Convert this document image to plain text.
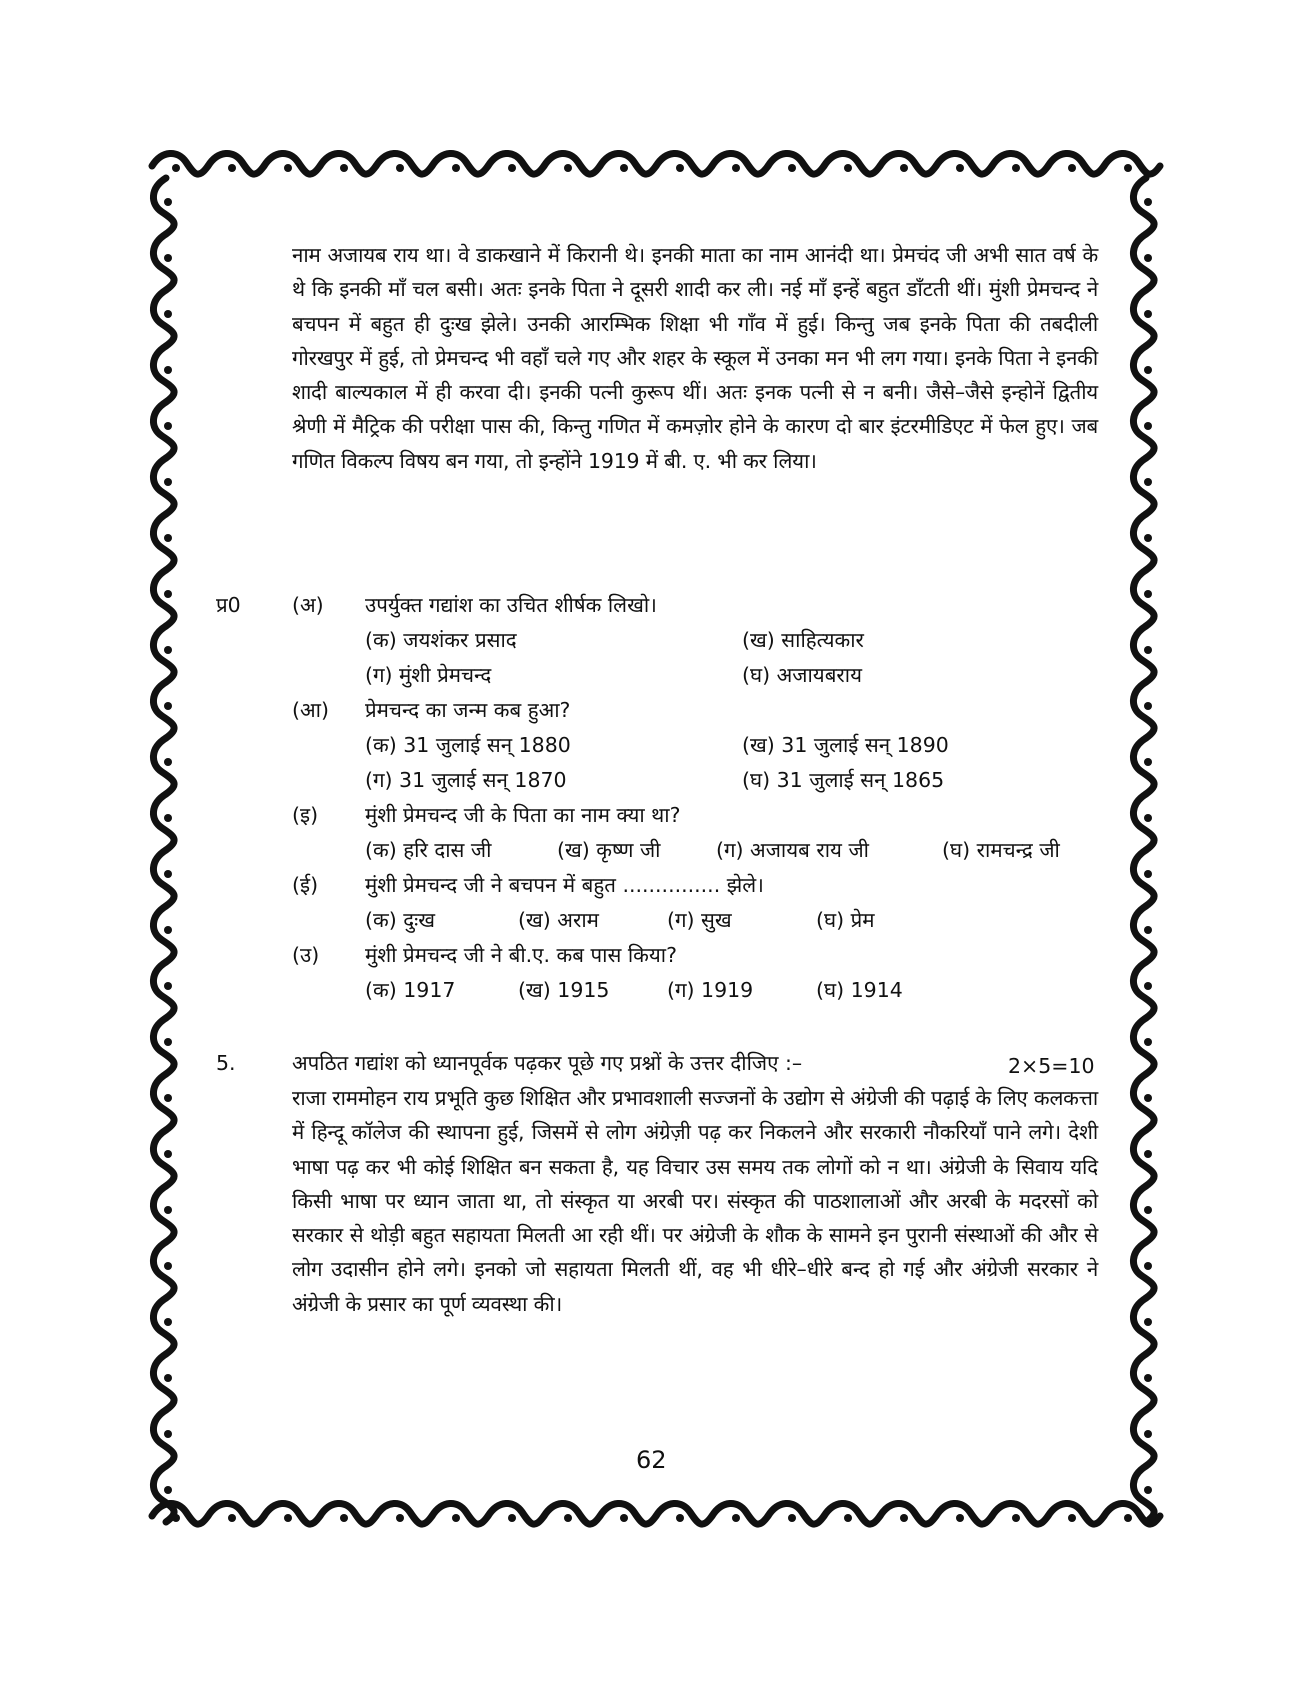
नाम अजायब राय था। वे डाकखाने में किरानी थे। इनकी माता का नाम आनंदी था। प्रेमचंद जी अभी सात वर्ष के थे कि इनकी माँ चल बसी। अतः इनके पिता ने दूसरी शादी कर ली। नई माँ इन्हें बहुत डाँटती थीं। मुंशी प्रेमचन्द ने बचपन में बहुत ही दुःख झेले। उनकी आरम्भिक शिक्षा भी गाँव में हुई। किन्तु जब इनके पिता की तबदीली गोरखपुर में हुई, तो प्रेमचन्द भी वहाँ चले गए और शहर के स्कूल में उनका मन भी लग गया। इनके पिता ने इनकी शादी बाल्यकाल में ही करवा दी। इनकी पत्नी कुरूप थीं। अतः इनक पत्नी से न बनी। जैसे–जैसे इन्होनें द्वितीय श्रेणी में मैट्रिक की परीक्षा पास की, किन्तु गणित में कमज़ोर होने के कारण दो बार इंटरमीडिएट में फेल हुए। जब गणित विकल्प विषय बन गया, तो इन्होंने 1919 में बी. ए. भी कर लिया।
प्र0	(अ) उपर्युक्त गद्यांश का उचित शीर्षक लिखो।
(क) जयशंकर प्रसाद	(ख) साहित्यकार
(ग) मुंशी प्रेमचन्द	(घ) अजायबराय
(आ) प्रेमचन्द का जन्म कब हुआ?
(क) 31 जुलाई सन् 1880	(ख) 31 जुलाई सन् 1890
(ग) 31 जुलाई सन् 1870	(घ) 31 जुलाई सन् 1865
(इ) मुंशी प्रेमचन्द जी के पिता का नाम क्या था?
(क) हरि दास जी	(ख) कृष्ण जी	(ग) अजायब राय जी	(घ) रामचन्द्र जी
(ई) मुंशी प्रेमचन्द जी ने बचपन में बहुत ............... झेले।
(क) दुःख	(ख) अराम	(ग) सुख	(घ) प्रेम
(उ) मुंशी प्रेमचन्द जी ने बी.ए. कब पास किया?
(क) 1917	(ख) 1915	(ग) 1919	(घ) 1914
5.	अपठित गद्यांश को ध्यानपूर्वक पढ़कर पूछे गए प्रश्नों के उत्तर दीजिए :–	2×5=10
राजा राममोहन राय प्रभूति कुछ शिक्षित और प्रभावशाली सज्जनों के उद्योग से अंग्रेजी की पढ़ाई के लिए कलकत्ता में हिन्दू कॉलेज की स्थापना हुई, जिसमें से लोग अंग्रेज़ी पढ़ कर निकलने और सरकारी नौकरियाँ पाने लगे। देशी भाषा पढ़ कर भी कोई शिक्षित बन सकता है, यह विचार उस समय तक लोगों को न था। अंग्रेजी के सिवाय यदि किसी भाषा पर ध्यान जाता था, तो संस्कृत या अरबी पर। संस्कृत की पाठशालाओं और अरबी के मदरसों को सरकार से थोड़ी बहुत सहायता मिलती आ रही थीं। पर अंग्रेजी के शौक के सामने इन पुरानी संस्थाओं की और से लोग उदासीन होने लगे। इनको जो सहायता मिलती थीं, वह भी धीरे–धीरे बन्द हो गई और अंग्रेजी सरकार ने अंग्रेजी के प्रसार का पूर्ण व्यवस्था की।
62
